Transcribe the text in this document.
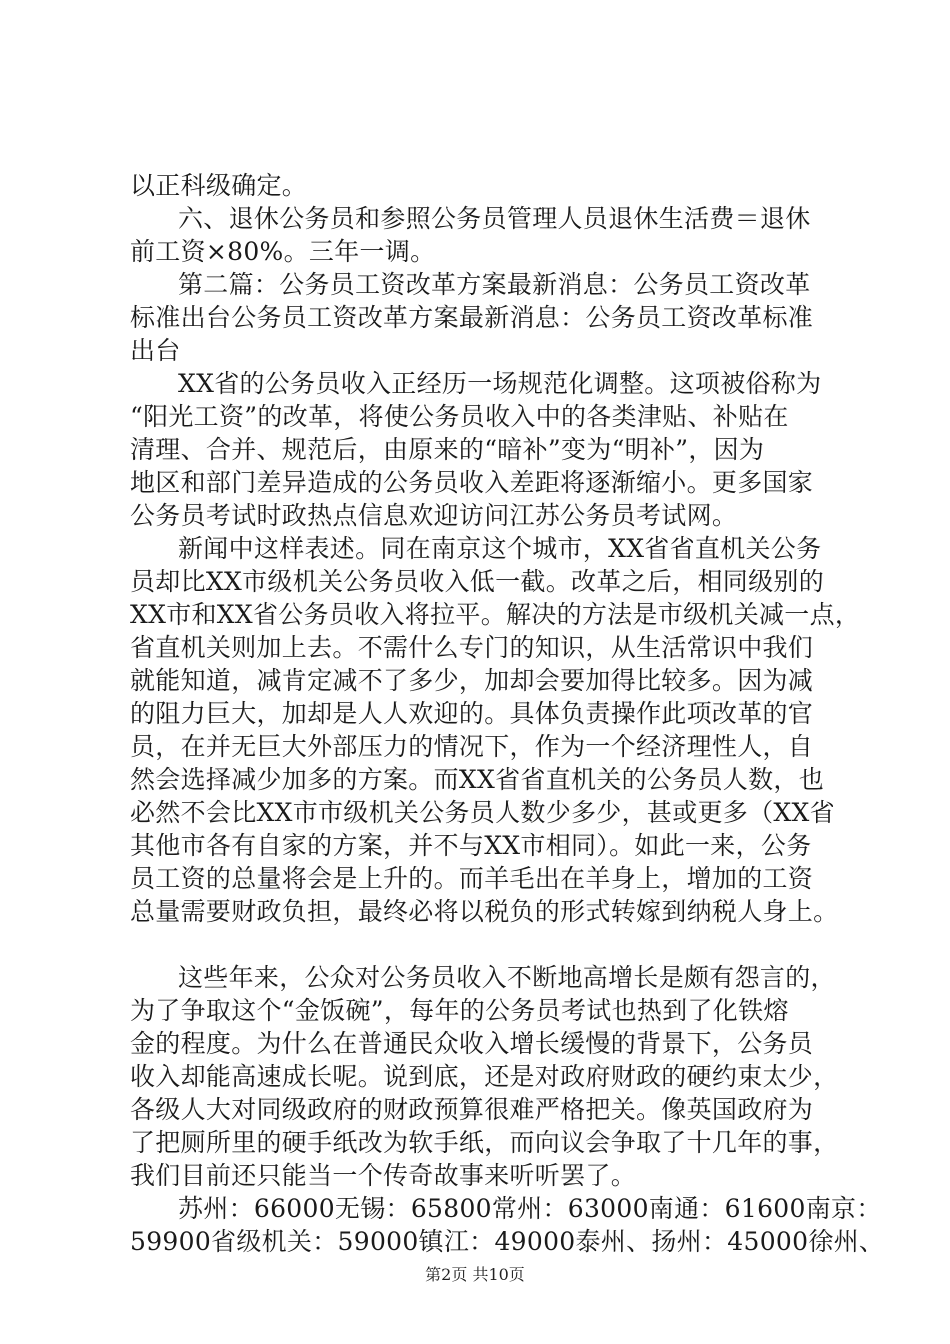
以正科级确定。
六、退休公务员和参照公务员管理人员退休生活费＝退休
前工资×80%。三年一调。
第二篇：公务员工资改革方案最新消息：公务员工资改革
标准出台公务员工资改革方案最新消息：公务员工资改革标准
出台
XX省的公务员收入正经历一场规范化调整。这项被俗称为
“阳光工资”的改革，将使公务员收入中的各类津贴、补贴在
清理、合并、规范后，由原来的“暗补”变为“明补”，因为
地区和部门差异造成的公务员收入差距将逐渐缩小。更多国家
公务员考试时政热点信息欢迎访问江苏公务员考试网。
新闻中这样表述。同在南京这个城市，XX省省直机关公务
员却比XX市级机关公务员收入低一截。改革之后，相同级别的
XX市和XX省公务员收入将拉平。解决的方法是市级机关减一点，
省直机关则加上去。不需什么专门的知识，从生活常识中我们
就能知道，减肯定减不了多少，加却会要加得比较多。因为减
的阻力巨大，加却是人人欢迎的。具体负责操作此项改革的官
员，在并无巨大外部压力的情况下，作为一个经济理性人，自
然会选择减少加多的方案。而XX省省直机关的公务员人数，也
必然不会比XX市市级机关公务员人数少多少，甚或更多（XX省
其他市各有自家的方案，并不与XX市相同）。如此一来，公务
员工资的总量将会是上升的。而羊毛出在羊身上，增加的工资
总量需要财政负担，最终必将以税负的形式转嫁到纳税人身上。
这些年来，公众对公务员收入不断地高增长是颇有怨言的，
为了争取这个“金饭碗”，每年的公务员考试也热到了化铁熔
金的程度。为什么在普通民众收入增长缓慢的背景下，公务员
收入却能高速成长呢。说到底，还是对政府财政的硬约束太少，
各级人大对同级政府的财政预算很难严格把关。像英国政府为
了把厕所里的硬手纸改为软手纸，而向议会争取了十几年的事，
我们目前还只能当一个传奇故事来听听罢了。
苏州：66000无锡：65800常州：63000南通：61600南京：
59900省级机关：59000镇江：49000泰州、扬州：45000徐州、
第2页 共10页
